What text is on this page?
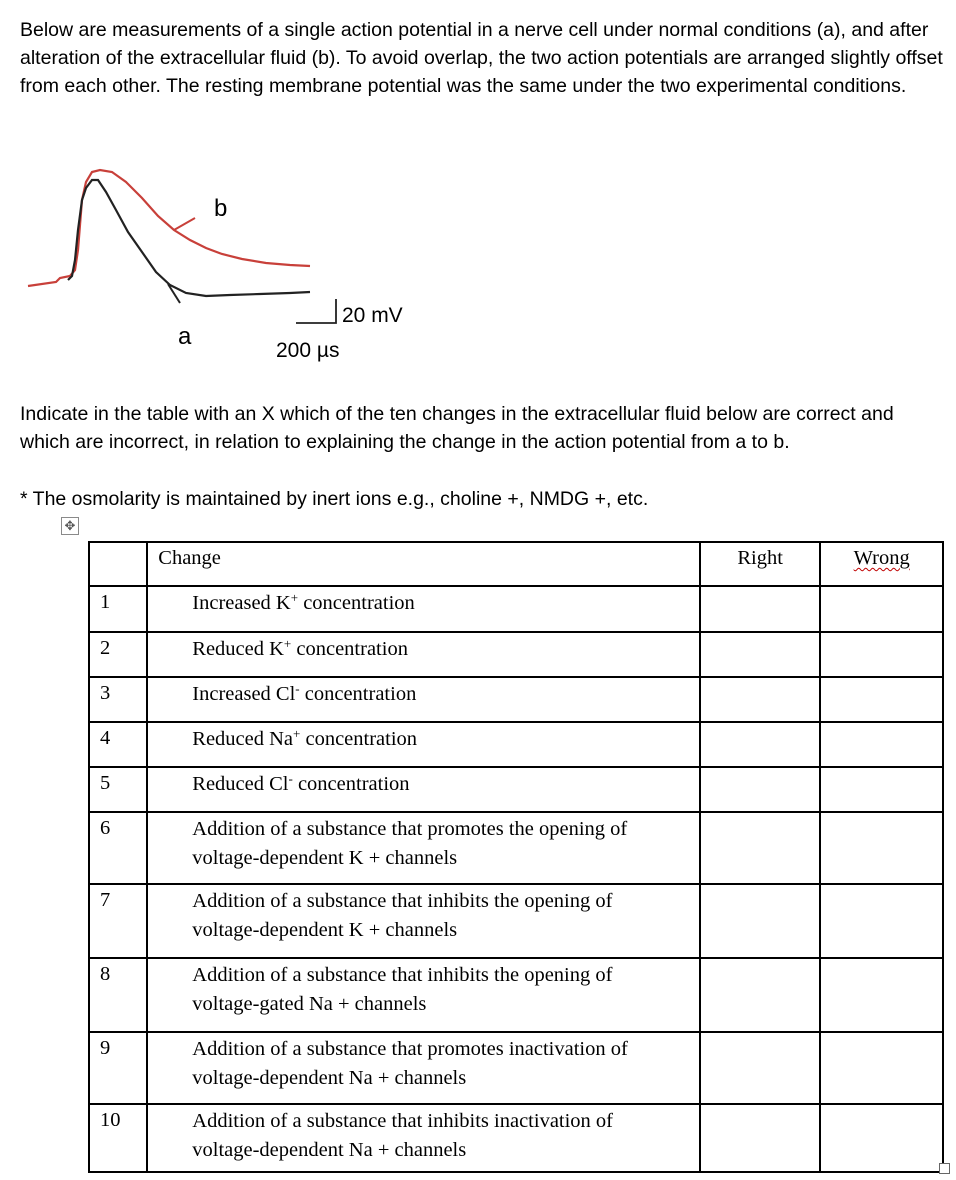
Below are measurements of a single action potential in a nerve cell under normal conditions (a), and after alteration of the extracellular fluid (b). To avoid overlap, the two action potentials are arranged slightly offset from each other. The resting membrane potential was the same under the two experimental conditions.

b
a
20 mV
200 µs

Indicate in the table with an X which of the ten changes in the extracellular fluid below are correct and which are incorrect, in relation to explaining the change in the action potential from a to b.

* The osmolarity is maintained by inert ions e.g., choline +, NMDG +, etc.

✥
	Change	Right	Wrong
1	Increased K+ concentration		

2	Reduced K+ concentration		

3	Increased Cl- concentration		

4	Reduced Na+ concentration		

5	Reduced Cl- concentration		

6	Addition of a substance that promotes the opening of
voltage-dependent K + channels		

7	Addition of a substance that inhibits the opening of
voltage-dependent K + channels		

8	Addition of a substance that inhibits the opening of
voltage-gated Na + channels		

9	Addition of a substance that promotes inactivation of
voltage-dependent Na + channels		

10	Addition of a substance that inhibits inactivation of
voltage-dependent Na + channels		
